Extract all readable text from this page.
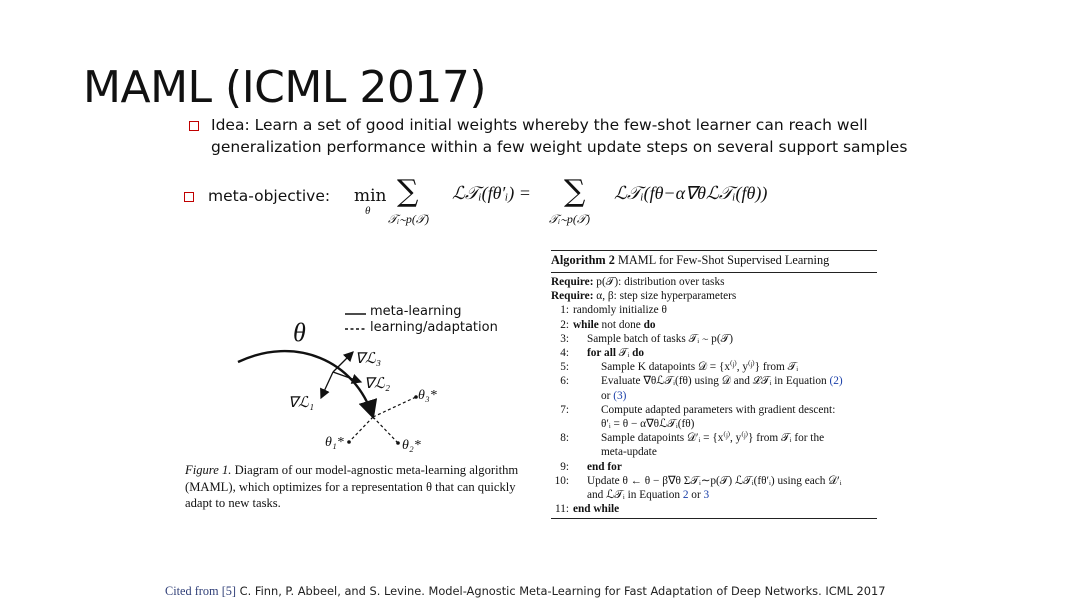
MAML (ICML 2017)
Idea: Learn a set of good initial weights whereby the few-shot learner can reach well
generalization performance within a few weight update steps on several support samples
meta-objective: min
θ
∑
𝒯ᵢ∼p(𝒯)
ℒ𝒯ᵢ(fθ′ᵢ) = ∑
𝒯ᵢ∼p(𝒯)
ℒ𝒯ᵢ(fθ−α∇θℒ𝒯ᵢ(fθ))
meta-learning
learning/adaptation
θ
∇ℒ₃
∇ℒ₂
∇ℒ₁	θ₃*
θ₁*	θ₂*
Figure 1. Diagram of our model-agnostic meta-learning algorithm (MAML), which optimizes for a representation θ that can quickly adapt to new tasks.
Algorithm 2 MAML for Few-Shot Supervised Learning
Require: p(𝒯): distribution over tasks
Require: α, β: step size hyperparameters
1: randomly initialize θ
2: while not done do
3:	Sample batch of tasks 𝒯ᵢ ∼ p(𝒯)
4:	for all 𝒯ᵢ do
5:	Sample K datapoints 𝒟 = {x⁽ʲ⁾, y⁽ʲ⁾} from 𝒯ᵢ
6:	Evaluate ∇θℒ𝒯ᵢ(fθ) using 𝒟 and ℒ𝒯ᵢ in Equation (2)
or (3)
7:	Compute adapted parameters with gradient descent:
θ′ᵢ = θ − α∇θℒ𝒯ᵢ(fθ)
8:	Sample datapoints 𝒟′ᵢ = {x⁽ʲ⁾, y⁽ʲ⁾} from 𝒯ᵢ for the
meta-update
9:	end for
10:	Update θ ← θ − β∇θ Σ𝒯ᵢ∼p(𝒯) ℒ𝒯ᵢ(fθ′ᵢ) using each 𝒟′ᵢ
and ℒ𝒯ᵢ in Equation 2 or 3
11: end while
Cited from [5] C. Finn, P. Abbeel, and S. Levine. Model-Agnostic Meta-Learning for Fast Adaptation of Deep Networks. ICML 2017
